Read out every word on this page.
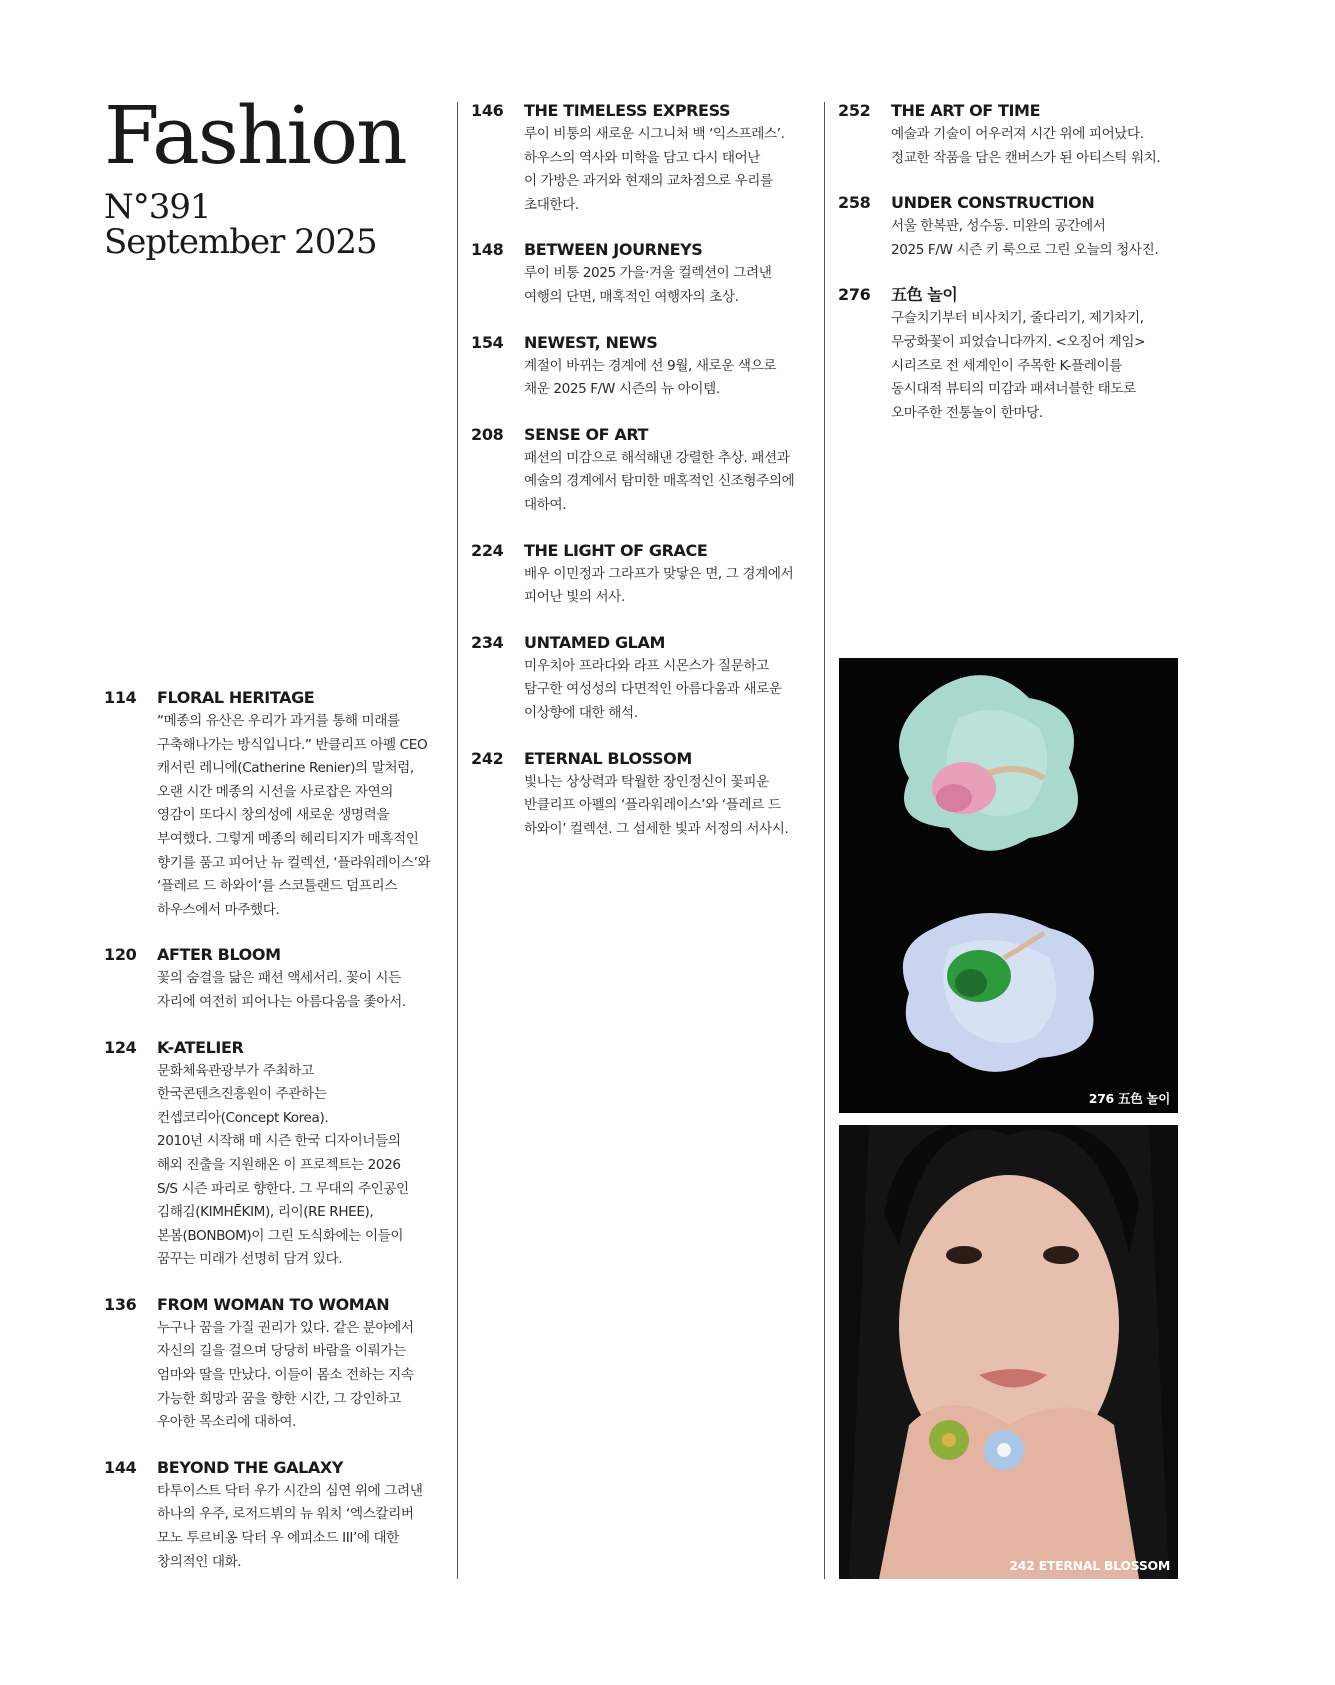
Fashion
N°391
September 2025
114	FLORAL HERITAGE
“메종의 유산은 우리가 과거를 통해 미래를
구축해나가는 방식입니다.” 반클리프 아펠 CEO
캐서린 레니에(Catherine Renier)의 말처럼,
오랜 시간 메종의 시선을 사로잡은 자연의
영감이 또다시 창의성에 새로운 생명력을
부여했다. 그렇게 메종의 헤리티지가 매혹적인
향기를 품고 피어난 뉴 컬렉션, ‘플라워레이스’와
‘플레르 드 하와이’를 스코틀랜드 덤프리스
하우스에서 마주했다.
120	AFTER BLOOM
꽃의 숨결을 닮은 패션 액세서리. 꽃이 시든
자리에 여전히 피어나는 아름다움을 좇아서.
124	K-ATELIER
문화체육관광부가 주최하고
한국콘텐츠진흥원이 주관하는
컨셉코리아(Concept Korea).
2010년 시작해 매 시즌 한국 디자이너들의
해외 진출을 지원해온 이 프로젝트는 2026
S/S 시즌 파리로 향한다. 그 무대의 주인공인
김해김(KIMHĒKIM), 리이(RE RHEE),
본봄(BONBOM)이 그린 도식화에는 이들이
꿈꾸는 미래가 선명히 담겨 있다.
136	FROM WOMAN TO WOMAN
누구나 꿈을 가질 권리가 있다. 같은 분야에서
자신의 길을 걸으며 당당히 바람을 이뤄가는
엄마와 딸을 만났다. 이들이 몸소 전하는 지속
가능한 희망과 꿈을 향한 시간, 그 강인하고
우아한 목소리에 대하여.
144	BEYOND THE GALAXY
타투이스트 닥터 우가 시간의 심연 위에 그려낸
하나의 우주, 로저드뷔의 뉴 워치 ‘엑스칼리버
모노 투르비옹 닥터 우 에피소드 III’에 대한
창의적인 대화.
146	THE TIMELESS EXPRESS
루이 비통의 새로운 시그니처 백 ‘익스프레스’.
하우스의 역사와 미학을 담고 다시 태어난
이 가방은 과거와 현재의 교차점으로 우리를
초대한다.
148	BETWEEN JOURNEYS
루이 비통 2025 가을·겨울 컬렉션이 그려낸
여행의 단면, 매혹적인 여행자의 초상.
154	NEWEST, NEWS
계절이 바뀌는 경계에 선 9월, 새로운 색으로
채운 2025 F/W 시즌의 뉴 아이템.
208	SENSE OF ART
패션의 미감으로 해석해낸 강렬한 추상. 패션과
예술의 경계에서 탐미한 매혹적인 신조형주의에
대하여.
224	THE LIGHT OF GRACE
배우 이민정과 그라프가 맞닿은 면, 그 경계에서
피어난 빛의 서사.
234	UNTAMED GLAM
미우치아 프라다와 라프 시몬스가 질문하고
탐구한 여성성의 다면적인 아름다움과 새로운
이상향에 대한 해석.
242	ETERNAL BLOSSOM
빛나는 상상력과 탁월한 장인정신이 꽃피운
반클리프 아펠의 ‘플라워레이스’와 ‘플레르 드
하와이’ 컬렉션. 그 섬세한 빛과 서정의 서사시.
252	THE ART OF TIME
예술과 기술이 어우러져 시간 위에 피어났다.
정교한 작품을 담은 캔버스가 된 아티스틱 워치.
258	UNDER CONSTRUCTION
서울 한복판, 성수동. 미완의 공간에서
2025 F/W 시즌 키 룩으로 그린 오늘의 청사진.
276	五色 놀이
구슬치기부터 비사치기, 줄다리기, 제기차기,
무궁화꽃이 피었습니다까지. <오징어 게임>
시리즈로 전 세계인이 주목한 K-플레이를
동시대적 뷰티의 미감과 패셔너블한 태도로
오마주한 전통놀이 한마당.
276 五色 놀이
242 ETERNAL BLOSSOM
